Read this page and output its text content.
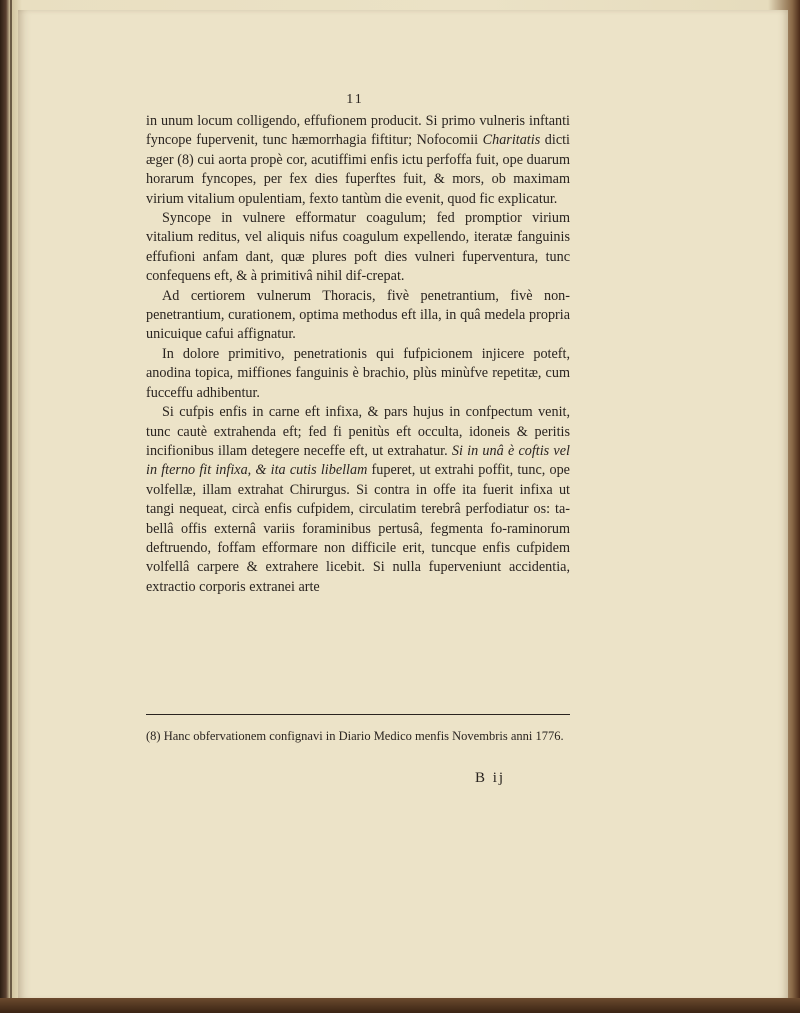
11

in unum locum colligendo, effufionem producit. Si primo vulneris inftanti fyncope fupervenit, tunc hæmorrhagia fiftitur; Nofocomii Charitatis dicti æger (8) cui aorta propè cor, acutiffimi enfis ictu perfoffa fuit, ope duarum horarum fyncopes, per fex dies fuperftes fuit, & mors, ob maximam virium vitalium opulentiam, fexto tantùm die evenit, quod fic explicatur.

Syncope in vulnere efformatur coagulum; fed promptior virium vitalium reditus, vel aliquis nifus coagulum expellendo, iteratæ fanguinis effufioni anfam dant, quæ plures poft dies vulneri fuperventura, tunc confequens eft, & à primitivâ nihil dif-crepat.

Ad certiorem vulnerum Thoracis, fivè penetrantium, fivè non-penetrantium, curationem, optima methodus eft illa, in quâ medela propria unicuique cafui affignatur.

In dolore primitivo, penetrationis qui fufpicionem injicere poteft, anodina topica, miffiones fanguinis è brachio, plùs minùfve repetitæ, cum fucceffu adhibentur.

Si cufpis enfis in carne eft infixa, & pars hujus in confpectum venit, tunc cautè extrahenda eft; fed fi penitùs eft occulta, idoneis & peritis incifionibus illam detegere neceffe eft, ut extrahatur. Si in unâ è coftis vel in fterno fit infixa, & ita cutis libellam fuperet, ut extrahi poffit, tunc, ope volfellæ, illam extrahat Chirurgus. Si contra in offe ita fuerit infixa ut tangi nequeat, circà enfis cufpidem, circulatim terebrâ perfodiatur os: ta-bellâ offis externâ variis foraminibus pertusâ, fegmenta fo-raminorum deftruendo, foffam efformare non difficile erit, tuncque enfis cufpidem volfellâ carpere & extrahere licebit. Si nulla fuperveniunt accidentia, extractio corporis extranei arte

(8) Hanc obfervationem confignavi in Diario Medico menfis Novembris anni 1776.
B ij
